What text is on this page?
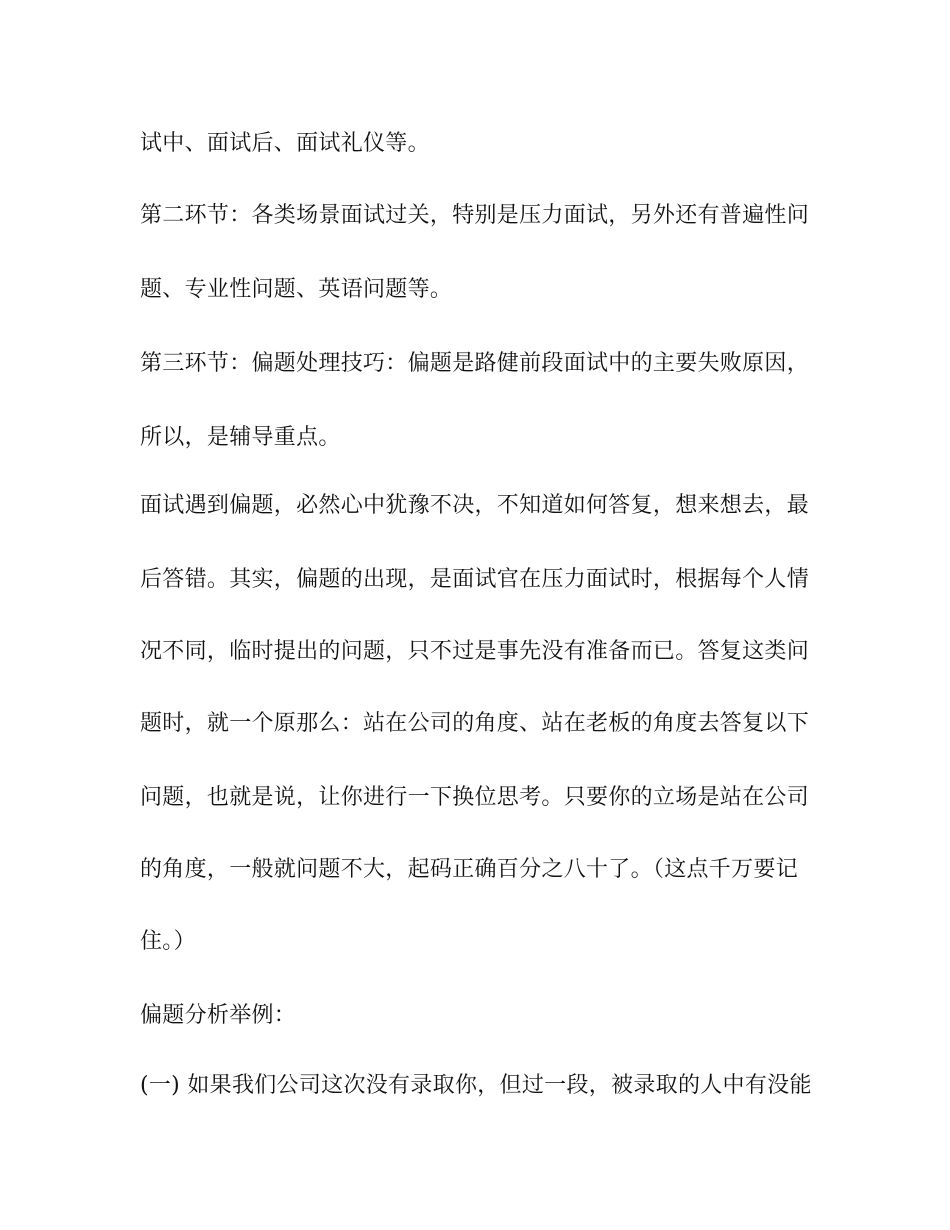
试中、面试后、面试礼仪等。
第二环节：各类场景面试过关，特别是压力面试，另外还有普遍性问
题、专业性问题、英语问题等。
第三环节：偏题处理技巧：偏题是路健前段面试中的主要失败原因，
所以，是辅导重点。
面试遇到偏题，必然心中犹豫不决，不知道如何答复，想来想去，最
后答错。其实，偏题的出现，是面试官在压力面试时，根据每个人情
况不同，临时提出的问题，只不过是事先没有准备而已。答复这类问
题时，就一个原那么：站在公司的角度、站在老板的角度去答复以下
问题，也就是说，让你进行一下换位思考。只要你的立场是站在公司
的角度，一般就问题不大，起码正确百分之八十了。（这点千万要记
住。）
偏题分析举例：
(一) 如果我们公司这次没有录取你，但过一段，被录取的人中有没能
